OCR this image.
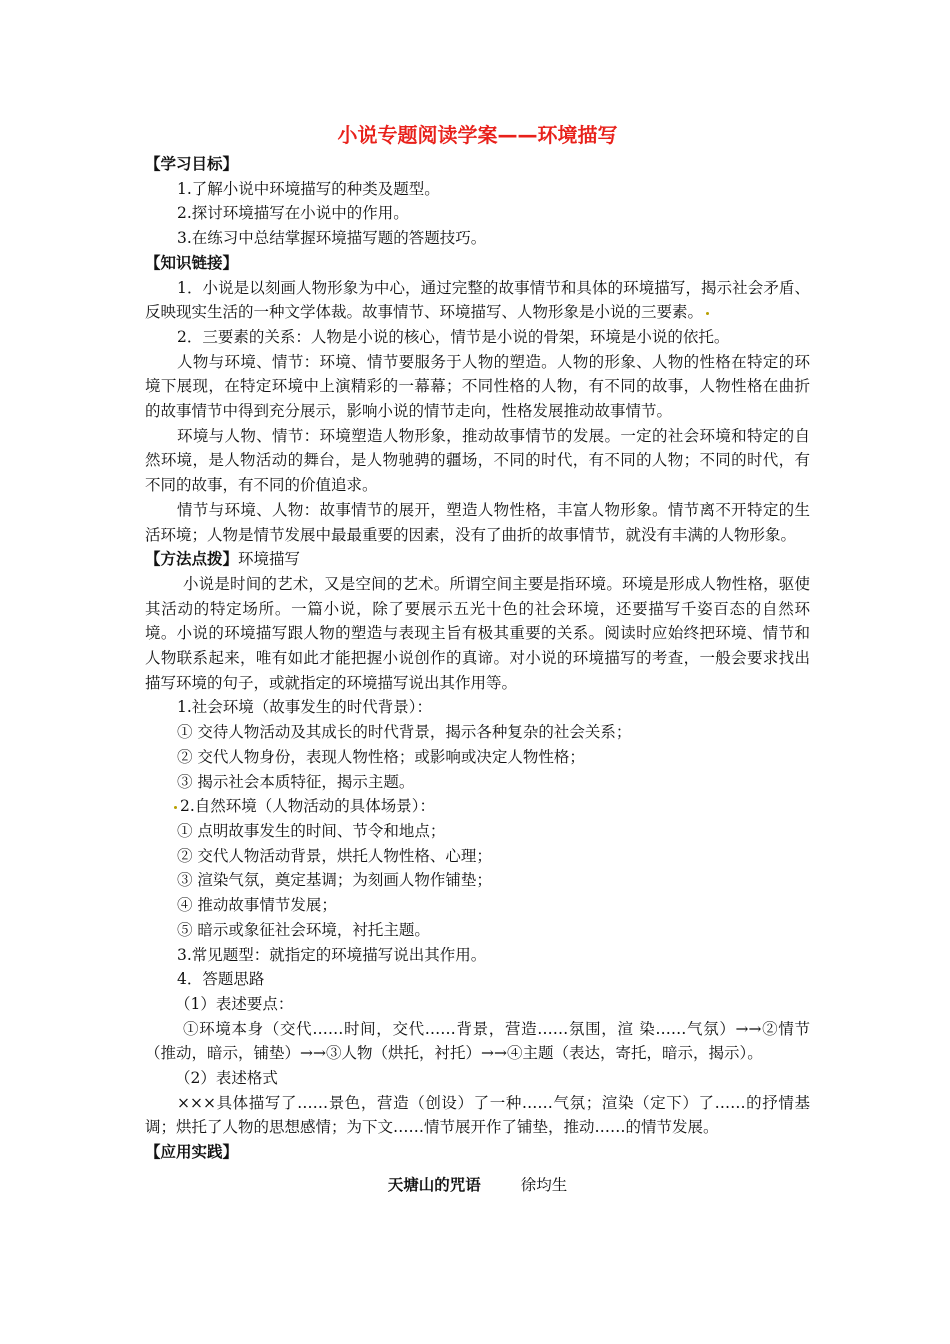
小说专题阅读学案——环境描写

【学习目标】

1.了解小说中环境描写的种类及题型。

2.探讨环境描写在小说中的作用。

3.在练习中总结掌握环境描写题的答题技巧。

【知识链接】

1．小说是以刻画人物形象为中心，通过完整的故事情节和具体的环境描写，揭示社会矛盾、反映现实生活的一种文学体裁。故事情节、环境描写、人物形象是小说的三要素。

2．三要素的关系：人物是小说的核心，情节是小说的骨架，环境是小说的依托。

人物与环境、情节：环境、情节要服务于人物的塑造。人物的形象、人物的性格在特定的环境下展现，在特定环境中上演精彩的一幕幕；不同性格的人物，有不同的故事，人物性格在曲折的故事情节中得到充分展示，影响小说的情节走向，性格发展推动故事情节。

环境与人物、情节：环境塑造人物形象，推动故事情节的发展。一定的社会环境和特定的自然环境，是人物活动的舞台，是人物驰骋的疆场，不同的时代，有不同的人物；不同的时代，有不同的故事，有不同的价值追求。

情节与环境、人物：故事情节的展开，塑造人物性格，丰富人物形象。情节离不开特定的生活环境；人物是情节发展中最最重要的因素，没有了曲折的故事情节，就没有丰满的人物形象。

【方法点拨】环境描写

小说是时间的艺术，又是空间的艺术。所谓空间主要是指环境。环境是形成人物性格，驱使其活动的特定场所。一篇小说，除了要展示五光十色的社会环境，还要描写千姿百态的自然环境。小说的环境描写跟人物的塑造与表现主旨有极其重要的关系。阅读时应始终把环境、情节和人物联系起来，唯有如此才能把握小说创作的真谛。对小说的环境描写的考查，一般会要求找出描写环境的句子，或就指定的环境描写说出其作用等。

1.社会环境（故事发生的时代背景）：

① 交待人物活动及其成长的时代背景，揭示各种复杂的社会关系；

② 交代人物身份，表现人物性格；或影响或决定人物性格；

③ 揭示社会本质特征，揭示主题。

2.自然环境（人物活动的具体场景）：

① 点明故事发生的时间、节令和地点；

② 交代人物活动背景，烘托人物性格、心理；

③ 渲染气氛，奠定基调；为刻画人物作铺垫；

④ 推动故事情节发展；

⑤ 暗示或象征社会环境，衬托主题。

3.常见题型：就指定的环境描写说出其作用。

4．答题思路

（1）表述要点：

①环境本身（交代……时间，交代……背景，营造……氛围，渲 染……气氛）→→②情节（推动，暗示，铺垫）→→③人物（烘托，衬托）→→④主题（表达，寄托，暗示，揭示）。

（2）表述格式

×××具体描写了……景色，营造（创设）了一种……气氛；渲染（定下）了……的抒情基调；烘托了人物的思想感情；为下文……情节展开作了铺垫，推动……的情节发展。

【应用实践】

天塘山的咒语	徐均生
